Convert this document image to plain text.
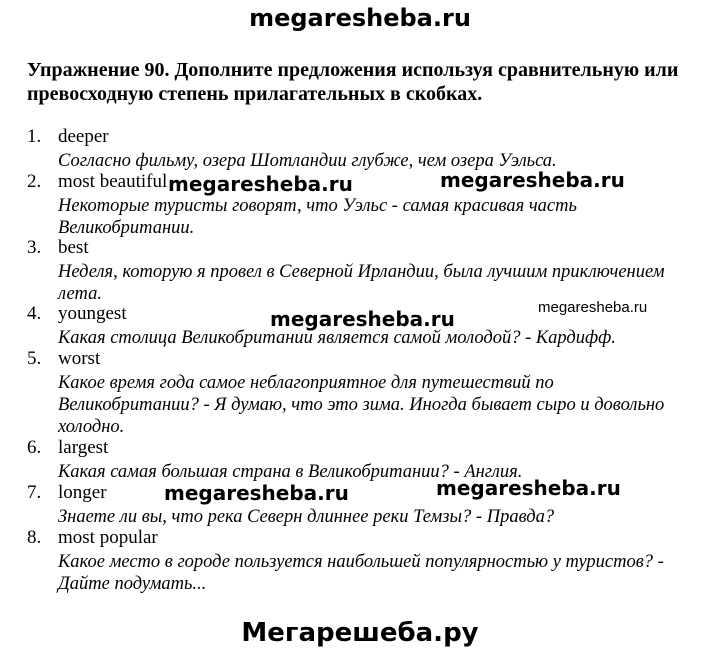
megaresheba.ru
Упражнение 90. Дополните предложения используя сравнительную или превосходную степень прилагательных в скобках.
1. deeper
Согласно фильму, озера Шотландии глубже, чем озера Уэльса.
2. most beautiful
Некоторые туристы говорят, что Уэльс - самая красивая часть Великобритании.
3. best
Неделя, которую я провел в Северной Ирландии, была лучшим приключением лета.
4. youngest
Какая столица Великобритании является самой молодой? - Кардифф.
5. worst
Какое время года самое неблагоприятное для путешествий по Великобритании? - Я думаю, что это зима. Иногда бывает сыро и довольно холодно.
6. largest
Какая самая большая страна в Великобритании? - Англия.
7. longer
Знаете ли вы, что река Северн длиннее реки Темзы? - Правда?
8. most popular
Какое место в городе пользуется наибольшей популярностью у туристов? - Дайте подумать...
megaresheba.ru	megaresheba.ru
megaresheba.ru	megaresheba.ru
megaresheba.ru	megaresheba.ru
Мегарешеба.ру
